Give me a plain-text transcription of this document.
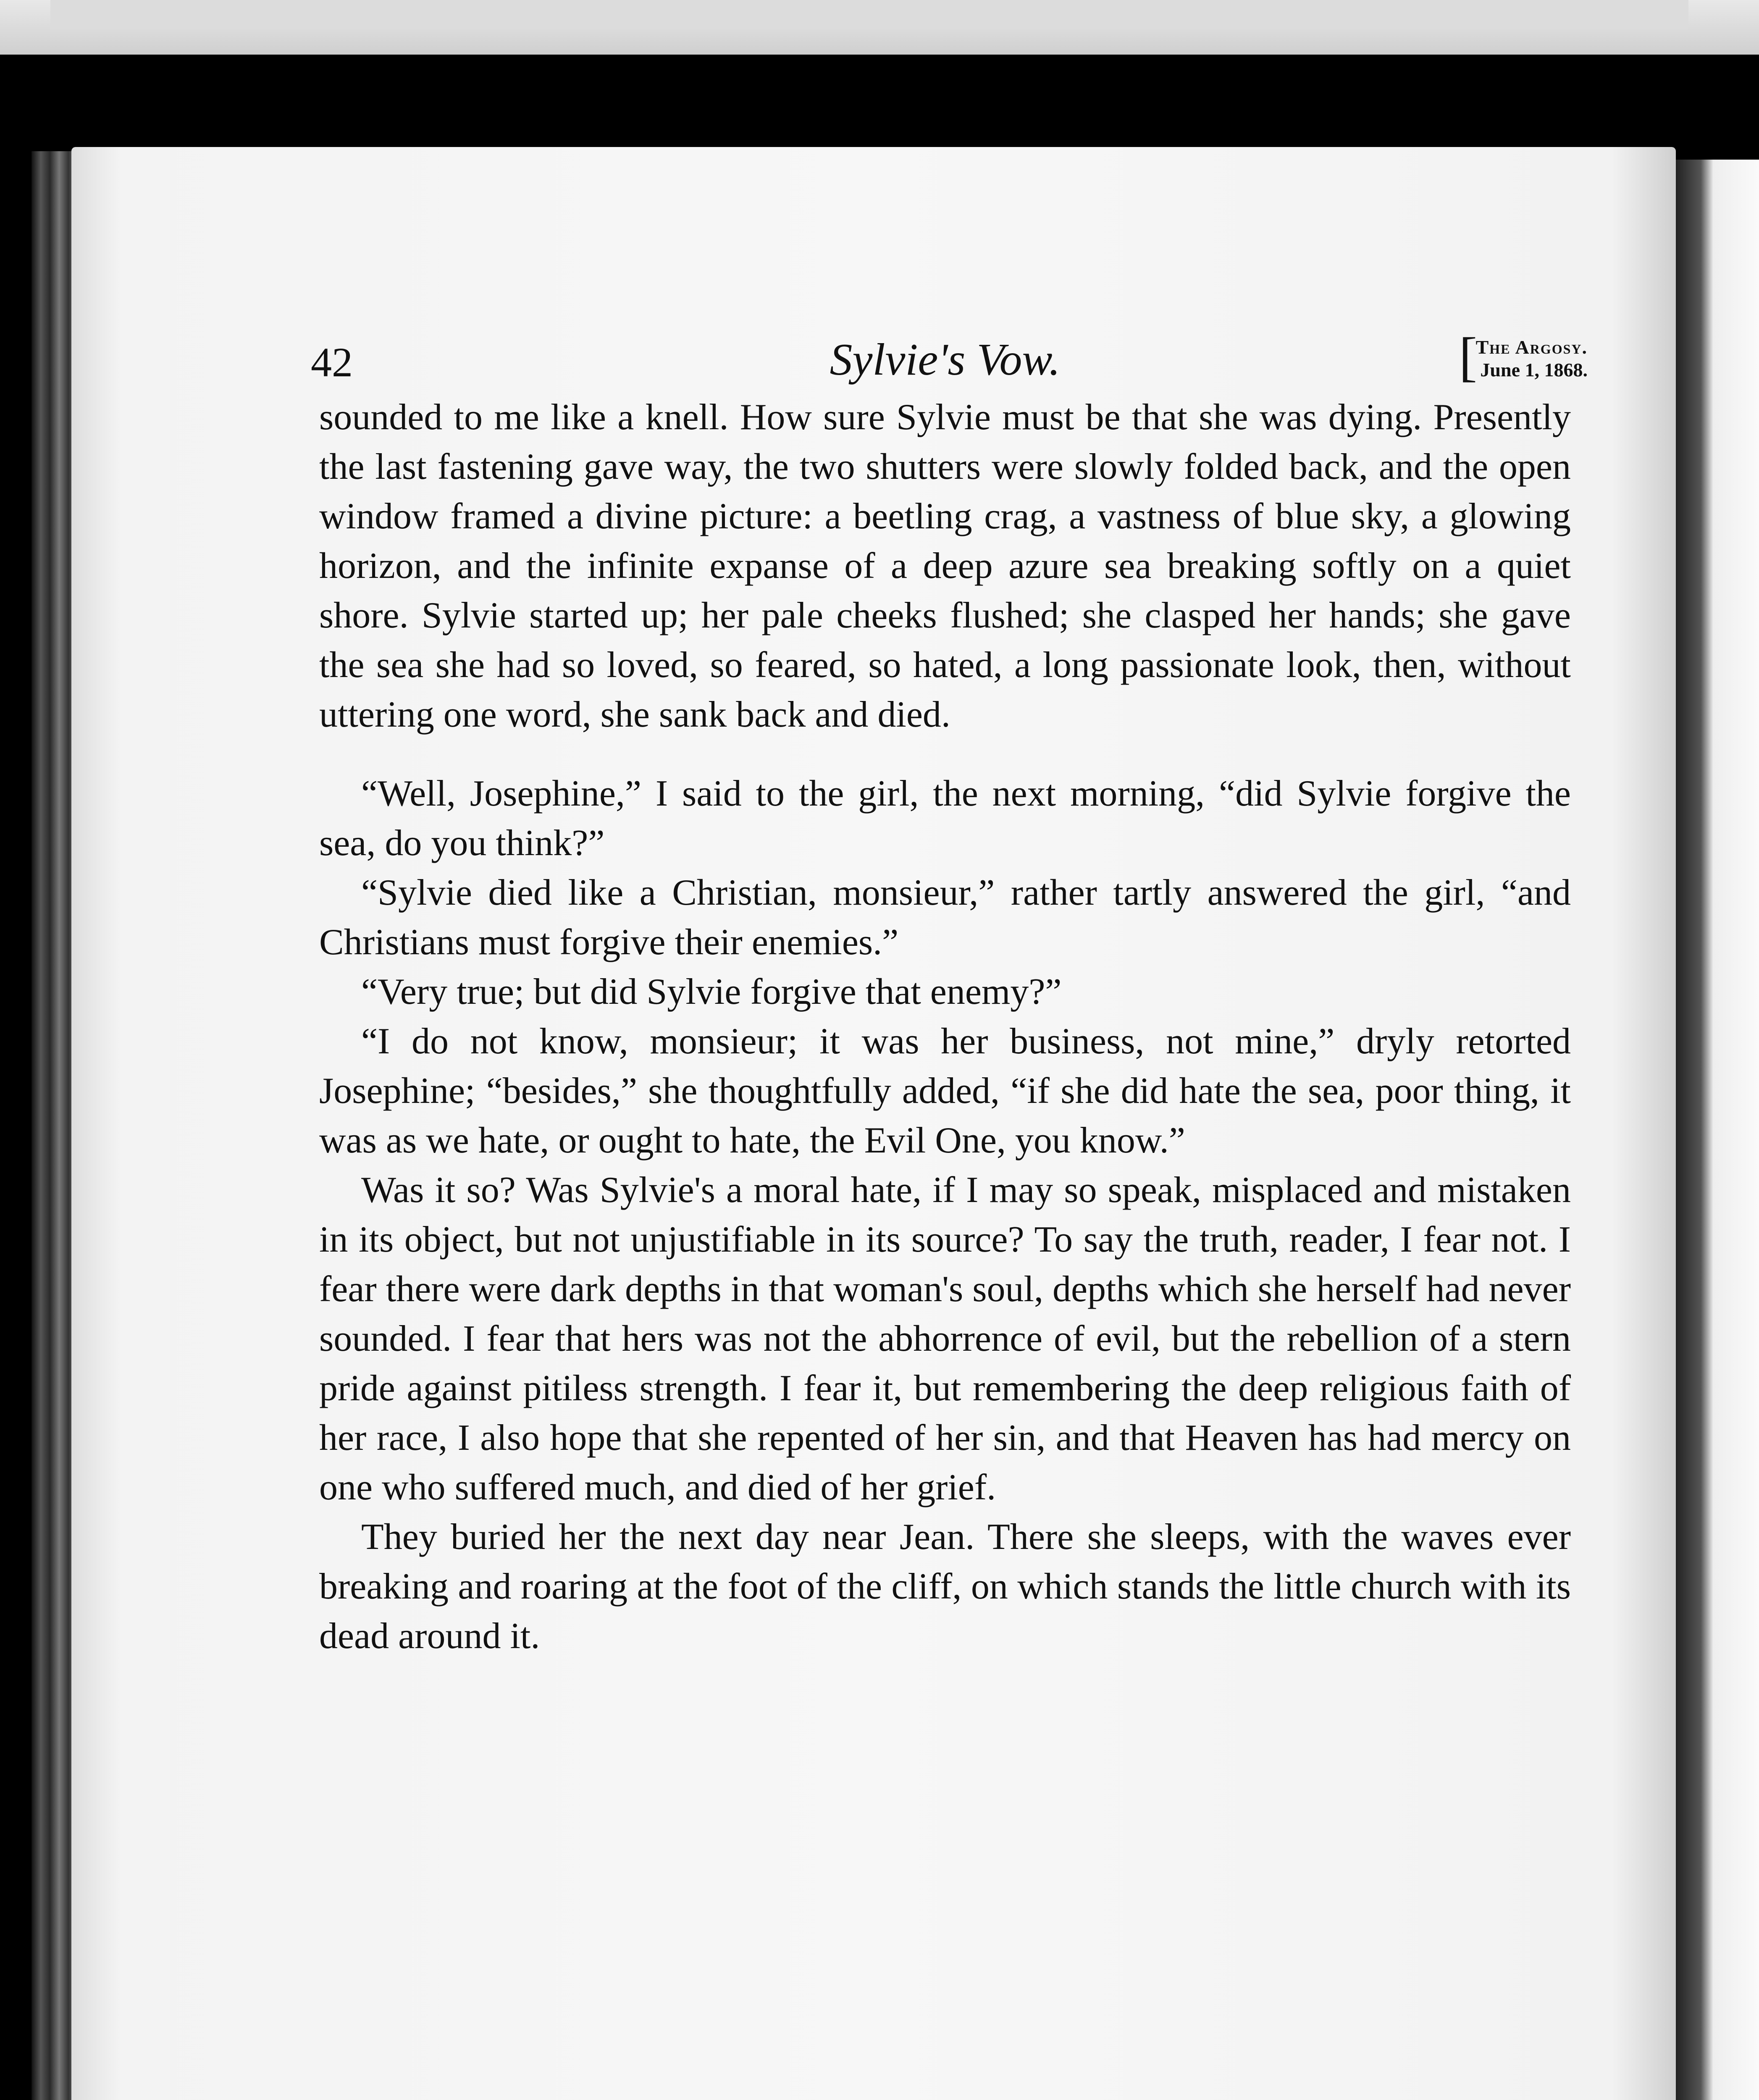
42	Sylvie's Vow.	[
The Argosy.
June 1, 1868.

sounded to me like a knell. How sure Sylvie must be that she was dying. Presently the last fastening gave way, the two shutters were slowly folded back, and the open window framed a divine picture: a beetling crag, a vastness of blue sky, a glowing horizon, and the infinite expanse of a deep azure sea breaking softly on a quiet shore. Sylvie started up; her pale cheeks flushed; she clasped her hands; she gave the sea she had so loved, so feared, so hated, a long passionate look, then, without uttering one word, she sank back and died.

“Well, Josephine,” I said to the girl, the next morning, “did Sylvie forgive the sea, do you think?”

“Sylvie died like a Christian, monsieur,” rather tartly answered the girl, “and Christians must forgive their enemies.”

“Very true; but did Sylvie forgive that enemy?”

“I do not know, monsieur; it was her business, not mine,” dryly retorted Josephine; “besides,” she thoughtfully added, “if she did hate the sea, poor thing, it was as we hate, or ought to hate, the Evil One, you know.”

Was it so? Was Sylvie's a moral hate, if I may so speak, misplaced and mistaken in its object, but not unjustifiable in its source? To say the truth, reader, I fear not. I fear there were dark depths in that woman's soul, depths which she herself had never sounded. I fear that hers was not the abhorrence of evil, but the rebellion of a stern pride against pitiless strength. I fear it, but remembering the deep religious faith of her race, I also hope that she repented of her sin, and that Heaven has had mercy on one who suffered much, and died of her grief.

They buried her the next day near Jean. There she sleeps, with the waves ever breaking and roaring at the foot of the cliff, on which stands the little church with its dead around it.
